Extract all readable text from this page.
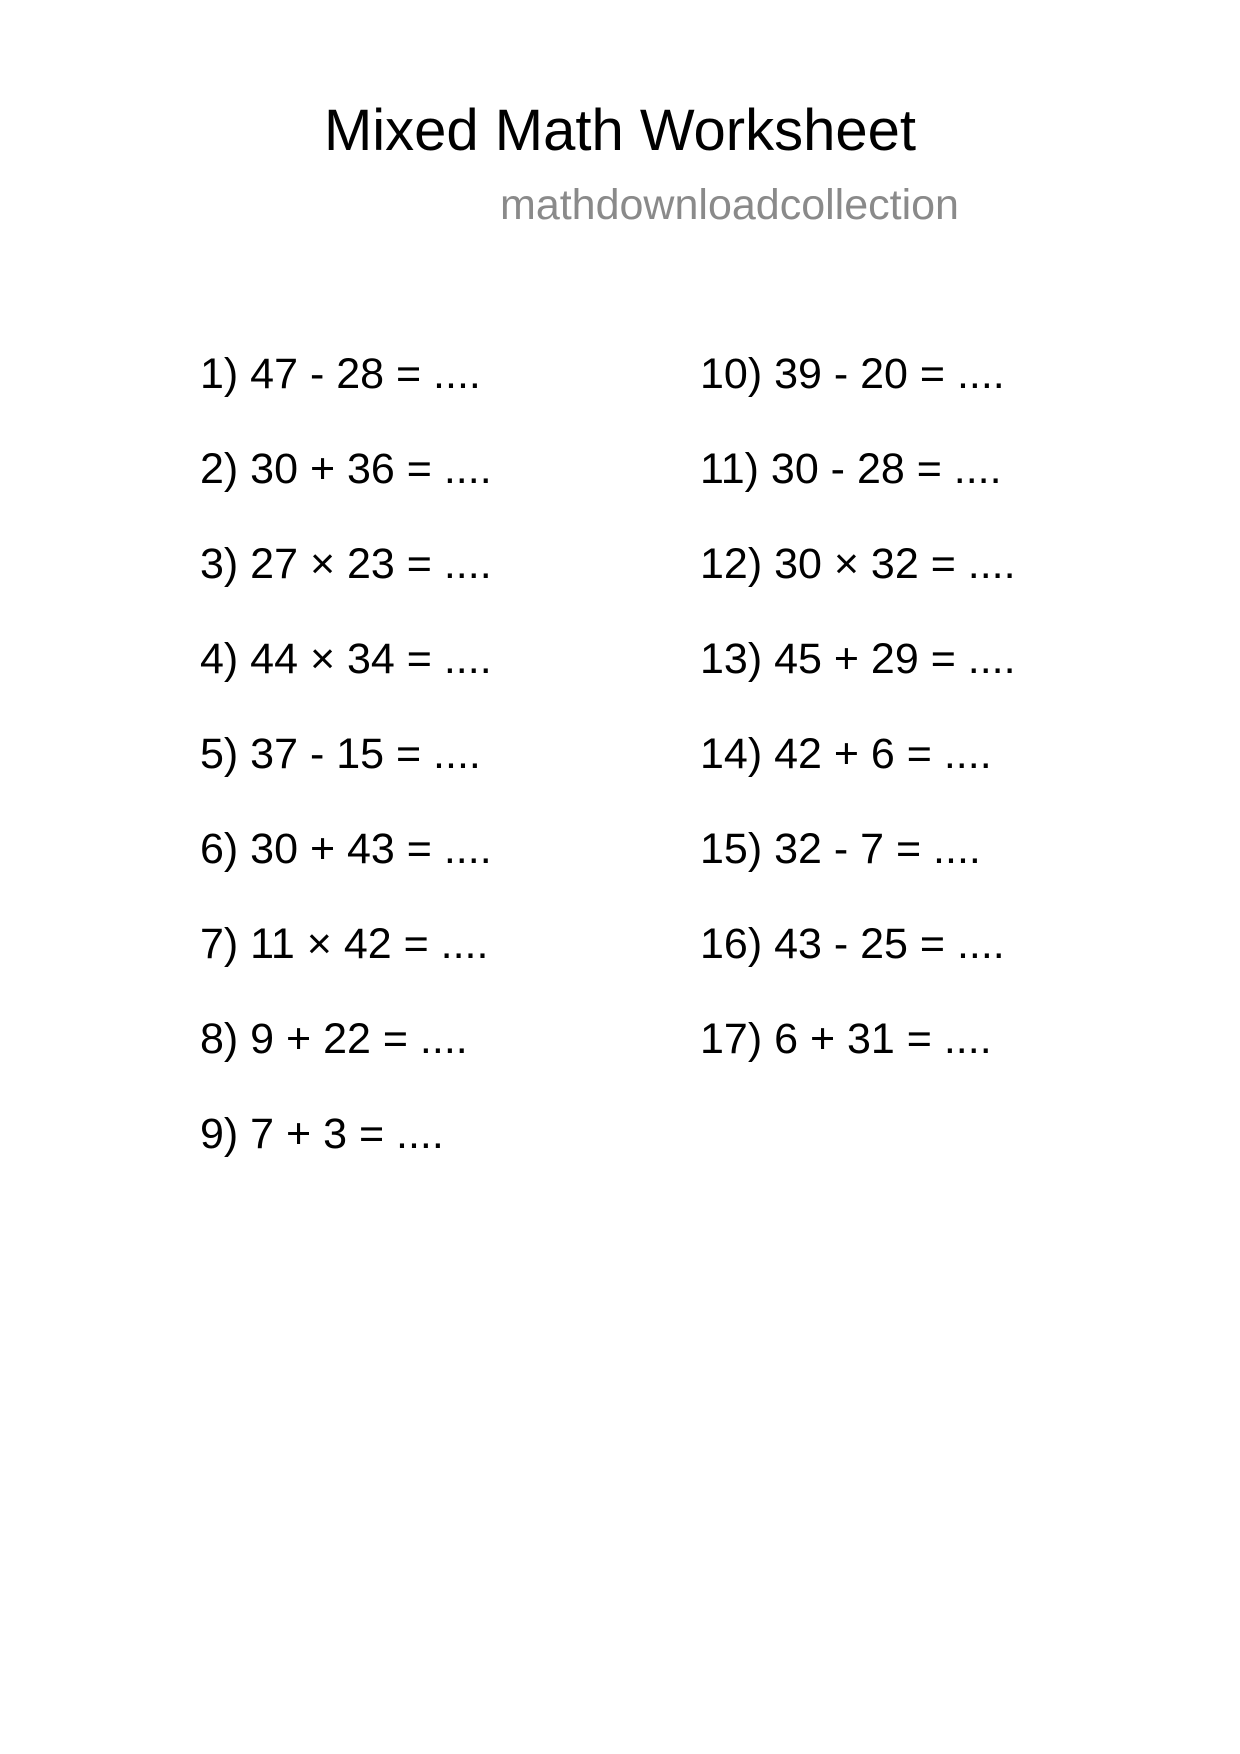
Mixed Math Worksheet
mathdownloadcollection
1) 47 - 28 = ....
2) 30 + 36 = ....
3) 27 × 23 = ....
4) 44 × 34 = ....
5) 37 - 15 = ....
6) 30 + 43 = ....
7) 11 × 42 = ....
8) 9 + 22 = ....
9) 7 + 3 = ....
10) 39 - 20 = ....
11) 30 - 28 = ....
12) 30 × 32 = ....
13) 45 + 29 = ....
14) 42 + 6 = ....
15) 32 - 7 = ....
16) 43 - 25 = ....
17) 6 + 31 = ....
